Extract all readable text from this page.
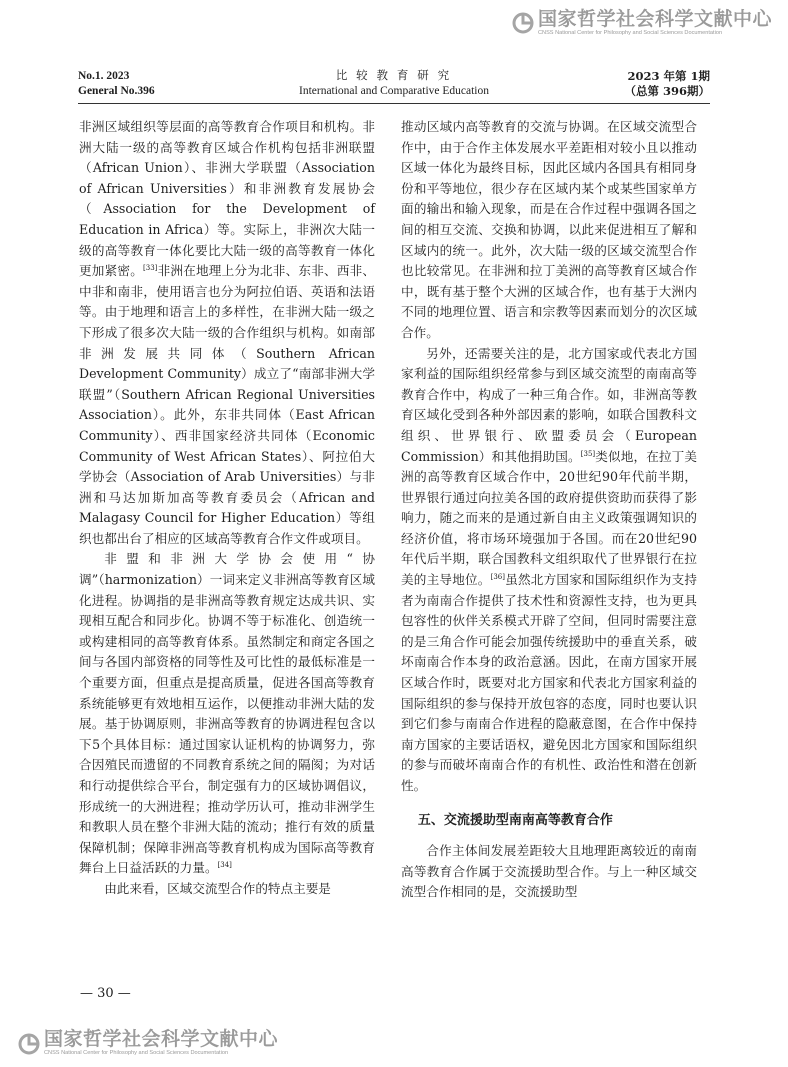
国家哲学社会科学文献中心
CNSS National Center for Philosophy and Social Sciences Documentation
No.1. 2023
General No.396
比 较 教 育 研 究
International and Comparative Education
2023 年第 1期
（总第 396期）

非洲区域组织等层面的高等教育合作项目和机构。非洲大陆一级的高等教育区域合作机构包括非洲联盟（African Union）、非洲大学联盟（Association of African Universities）和非洲教育发展协会（Association for the Development of Education in Africa）等。实际上，非洲次大陆一级的高等教育一体化要比大陆一级的高等教育一体化更加紧密。[33]非洲在地理上分为北非、东非、西非、中非和南非，使用语言也分为阿拉伯语、英语和法语等。由于地理和语言上的多样性，在非洲大陆一级之下形成了很多次大陆一级的合作组织与机构。如南部非洲发展共同体（Southern African Development Community）成立了“南部非洲大学联盟”（Southern African Regional Universities Association）。此外，东非共同体（East African Community）、西非国家经济共同体（Economic Community of West African States）、阿拉伯大学协会（Association of Arab Universities）与非洲和马达加斯加高等教育委员会（African and Malagasy Council for Higher Education）等组织也都出台了相应的区域高等教育合作文件或项目。

非盟和非洲大学协会使用“协调”（harmonization）一词来定义非洲高等教育区域化进程。协调指的是非洲高等教育规定达成共识、实现相互配合和同步化。协调不等于标准化、创造统一或构建相同的高等教育体系。虽然制定和商定各国之间与各国内部资格的同等性及可比性的最低标准是一个重要方面，但重点是提高质量，促进各国高等教育系统能够更有效地相互运作，以便推动非洲大陆的发展。基于协调原则，非洲高等教育的协调进程包含以下5个具体目标：通过国家认证机构的协调努力，弥合因殖民而遗留的不同教育系统之间的隔阂；为对话和行动提供综合平台，制定强有力的区域协调倡议，形成统一的大洲进程；推动学历认可，推动非洲学生和教职人员在整个非洲大陆的流动；推行有效的质量保障机制；保障非洲高等教育机构成为国际高等教育舞台上日益活跃的力量。[34]

由此来看，区域交流型合作的特点主要是

推动区域内高等教育的交流与协调。在区域交流型合作中，由于合作主体发展水平差距相对较小且以推动区域一体化为最终目标，因此区域内各国具有相同身份和平等地位，很少存在区域内某个或某些国家单方面的输出和输入现象，而是在合作过程中强调各国之间的相互交流、交换和协调，以此来促进相互了解和区域内的统一。此外，次大陆一级的区域交流型合作也比较常见。在非洲和拉丁美洲的高等教育区域合作中，既有基于整个大洲的区域合作，也有基于大洲内不同的地理位置、语言和宗教等因素而划分的次区域合作。

另外，还需要关注的是，北方国家或代表北方国家利益的国际组织经常参与到区域交流型的南南高等教育合作中，构成了一种三角合作。如，非洲高等教育区域化受到各种外部因素的影响，如联合国教科文组织、世界银行、欧盟委员会（European Commission）和其他捐助国。[35]类似地，在拉丁美洲的高等教育区域合作中，20世纪90年代前半期，世界银行通过向拉美各国的政府提供资助而获得了影响力，随之而来的是通过新自由主义政策强调知识的经济价值，将市场环境强加于各国。而在20世纪90年代后半期，联合国教科文组织取代了世界银行在拉美的主导地位。[36]虽然北方国家和国际组织作为支持者为南南合作提供了技术性和资源性支持，也为更具包容性的伙伴关系模式开辟了空间，但同时需要注意的是三角合作可能会加强传统援助中的垂直关系，破坏南南合作本身的政治意涵。因此，在南方国家开展区域合作时，既要对北方国家和代表北方国家利益的国际组织的参与保持开放包容的态度，同时也要认识到它们参与南南合作进程的隐蔽意图，在合作中保持南方国家的主要话语权，避免因北方国家和国际组织的参与而破坏南南合作的有机性、政治性和潜在创新性。

五、交流援助型南南高等教育合作

合作主体间发展差距较大且地理距离较近的南南高等教育合作属于交流援助型合作。与上一种区域交流型合作相同的是，交流援助型

— 30 —
国家哲学社会科学文献中心
CNSS National Center for Philosophy and Social Sciences Documentation
